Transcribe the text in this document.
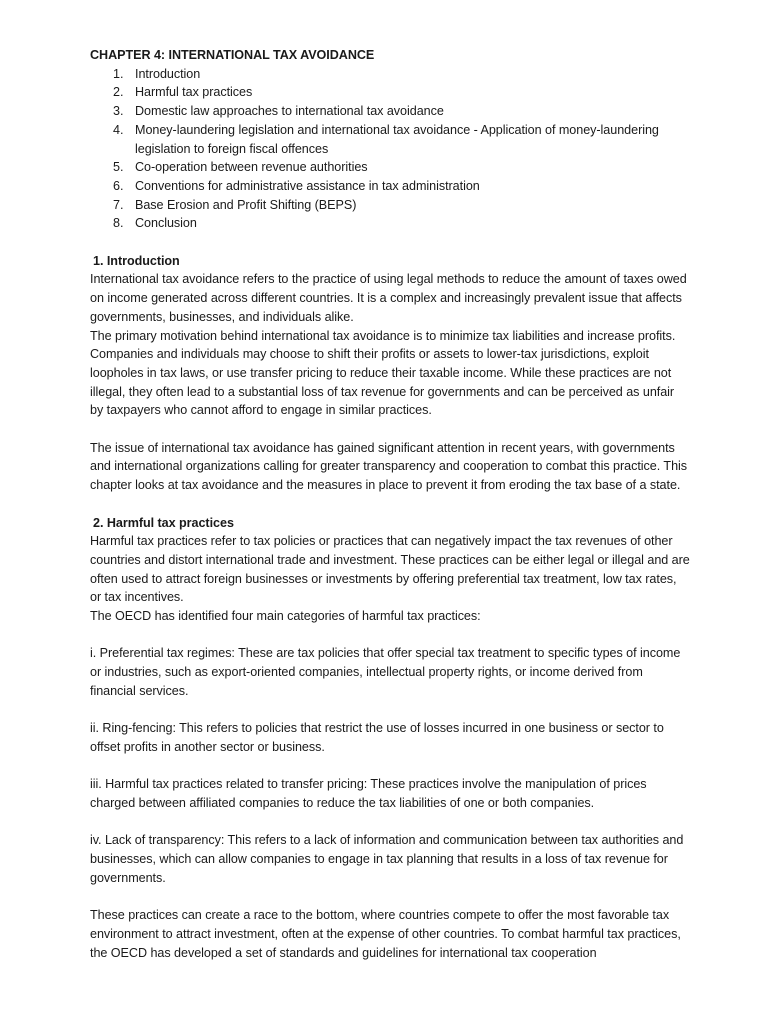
CHAPTER 4: INTERNATIONAL TAX AVOIDANCE

1. Introduction
2. Harmful tax practices
3. Domestic law approaches to international tax avoidance
4. Money-laundering legislation and international tax avoidance - Application of money-laundering legislation to foreign fiscal offences
5. Co-operation between revenue authorities
6. Conventions for administrative assistance in tax administration
7. Base Erosion and Profit Shifting (BEPS)
8. Conclusion

1. Introduction

International tax avoidance refers to the practice of using legal methods to reduce the amount of taxes owed on income generated across different countries. It is a complex and increasingly prevalent issue that affects governments, businesses, and individuals alike.

The primary motivation behind international tax avoidance is to minimize tax liabilities and increase profits. Companies and individuals may choose to shift their profits or assets to lower-tax jurisdictions, exploit loopholes in tax laws, or use transfer pricing to reduce their taxable income. While these practices are not illegal, they often lead to a substantial loss of tax revenue for governments and can be perceived as unfair by taxpayers who cannot afford to engage in similar practices.

The issue of international tax avoidance has gained significant attention in recent years, with governments and international organizations calling for greater transparency and cooperation to combat this practice. This chapter looks at tax avoidance and the measures in place to prevent it from eroding the tax base of a state.

2. Harmful tax practices

Harmful tax practices refer to tax policies or practices that can negatively impact the tax revenues of other countries and distort international trade and investment. These practices can be either legal or illegal and are often used to attract foreign businesses or investments by offering preferential tax treatment, low tax rates, or tax incentives.

The OECD has identified four main categories of harmful tax practices:

i. Preferential tax regimes: These are tax policies that offer special tax treatment to specific types of income or industries, such as export-oriented companies, intellectual property rights, or income derived from financial services.

ii. Ring-fencing: This refers to policies that restrict the use of losses incurred in one business or sector to offset profits in another sector or business.

iii. Harmful tax practices related to transfer pricing: These practices involve the manipulation of prices charged between affiliated companies to reduce the tax liabilities of one or both companies.

iv. Lack of transparency: This refers to a lack of information and communication between tax authorities and businesses, which can allow companies to engage in tax planning that results in a loss of tax revenue for governments.

These practices can create a race to the bottom, where countries compete to offer the most favorable tax environment to attract investment, often at the expense of other countries. To combat harmful tax practices, the OECD has developed a set of standards and guidelines for international tax cooperation
